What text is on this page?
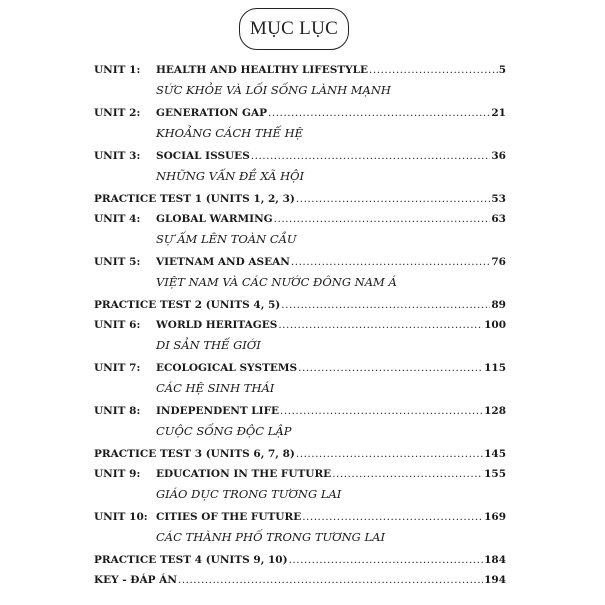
MỤC LỤC
UNIT 1:	HEALTH AND HEALTHY LIFESTYLE .....	5
SỨC KHỎE VÀ LỐI SỐNG LÀNH MẠNH
UNIT 2:	GENERATION GAP .....	21
KHOẢNG CÁCH THẾ HỆ
UNIT 3:	SOCIAL ISSUES .....	36
NHỮNG VẤN ĐỀ XÃ HỘI
PRACTICE TEST 1 (UNITS 1, 2, 3) .....	53
UNIT 4:	GLOBAL WARMING .....	63
SỰ ẤM LÊN TOÀN CẦU
UNIT 5:	VIETNAM AND ASEAN .....	76
VIỆT NAM VÀ CÁC NƯỚC ĐÔNG NAM Á
PRACTICE TEST 2 (UNITS 4, 5) .....	89
UNIT 6:	WORLD HERITAGES .....	100
DI SẢN THẾ GIỚI
UNIT 7:	ECOLOGICAL SYSTEMS .....	115
CÁC HỆ SINH THÁI
UNIT 8:	INDEPENDENT LIFE .....	128
CUỘC SỐNG ĐỘC LẬP
PRACTICE TEST 3 (UNITS 6, 7, 8) .....	145
UNIT 9:	EDUCATION IN THE FUTURE .....	155
GIÁO DỤC TRONG TƯƠNG LAI
UNIT 10: CITIES OF THE FUTURE .....	169
CÁC THÀNH PHỐ TRONG TƯƠNG LAI
PRACTICE TEST 4 (UNITS 9, 10) .....	184
KEY - ĐÁP ÁN .....	194
